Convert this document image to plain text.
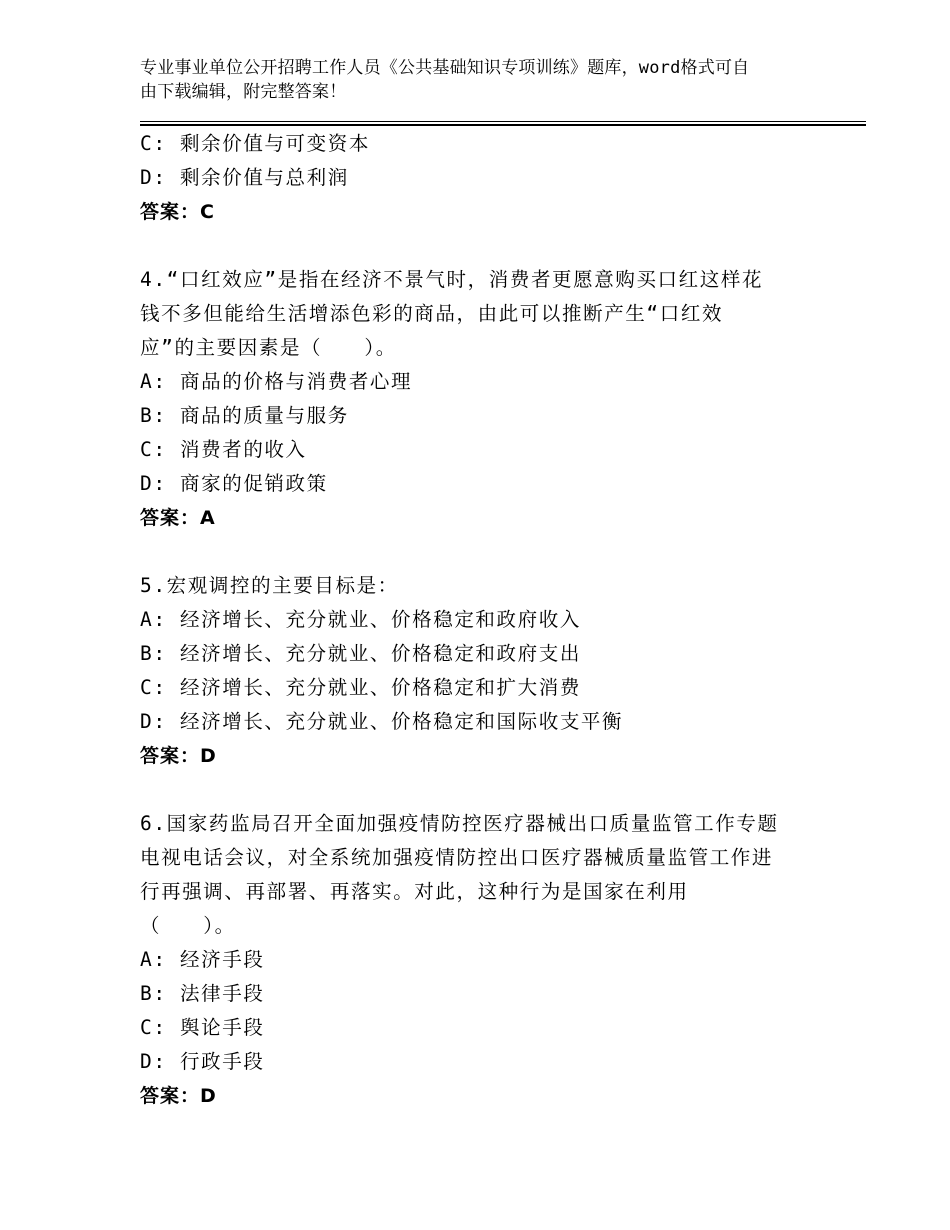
专业事业单位公开招聘工作人员《公共基础知识专项训练》题库，word格式可自
由下载编辑，附完整答案！
C: 剩余价值与可变资本
D: 剩余价值与总利润
答案：C
4.“口红效应”是指在经济不景气时，消费者更愿意购买口红这样花
钱不多但能给生活增添色彩的商品，由此可以推断产生“口红效
应”的主要因素是（　　）。
A: 商品的价格与消费者心理
B: 商品的质量与服务
C: 消费者的收入
D: 商家的促销政策
答案：A
5.宏观调控的主要目标是：
A: 经济增长、充分就业、价格稳定和政府收入
B: 经济增长、充分就业、价格稳定和政府支出
C: 经济增长、充分就业、价格稳定和扩大消费
D: 经济增长、充分就业、价格稳定和国际收支平衡
答案：D
6.国家药监局召开全面加强疫情防控医疗器械出口质量监管工作专题
电视电话会议，对全系统加强疫情防控出口医疗器械质量监管工作进
行再强调、再部署、再落实。对此，这种行为是国家在利用
（　　）。
A: 经济手段
B: 法律手段
C: 舆论手段
D: 行政手段
答案：D
